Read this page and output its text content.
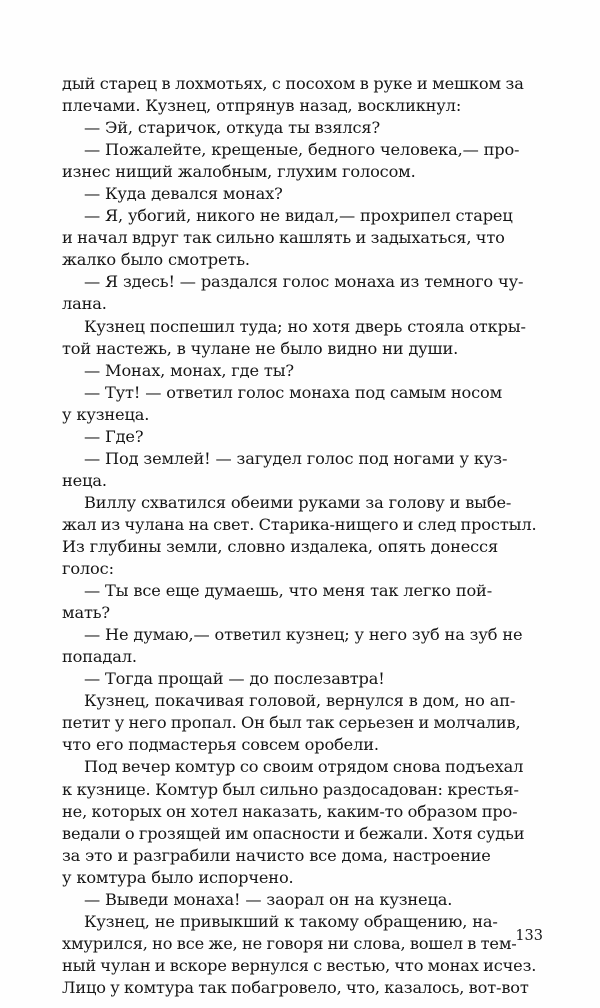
дый старец в лохмотьях, с посохом в руке и мешком за
плечами. Кузнец, отпрянув назад, воскликнул:
— Эй, старичок, откуда ты взялся?
— Пожалейте, крещеные, бедного человека,— про-
изнес нищий жалобным, глухим голосом.
— Куда девался монах?
— Я, убогий, никого не видал,— прохрипел старец
и начал вдруг так сильно кашлять и задыхаться, что
жалко было смотреть.
— Я здесь! — раздался голос монаха из темного чу-
лана.
Кузнец поспешил туда; но хотя дверь стояла откры-
той настежь, в чулане не было видно ни души.
— Монах, монах, где ты?
— Тут! — ответил голос монаха под самым носом
у кузнеца.
— Где?
— Под землей! — загудел голос под ногами у куз-
неца.
Виллу схватился обеими руками за голову и выбе-
жал из чулана на свет. Старика-нищего и след простыл.
Из глубины земли, словно издалека, опять донесся
голос:
— Ты все еще думаешь, что меня так легко пой-
мать?
— Не думаю,— ответил кузнец; у него зуб на зуб не
попадал.
— Тогда прощай — до послезавтра!
Кузнец, покачивая головой, вернулся в дом, но ап-
петит у него пропал. Он был так серьезен и молчалив,
что его подмастерья совсем оробели.
Под вечер комтур со своим отрядом снова подъехал
к кузнице. Комтур был сильно раздосадован: крестья-
не, которых он хотел наказать, каким-то образом про-
ведали о грозящей им опасности и бежали. Хотя судьи
за это и разграбили начисто все дома, настроение
у комтура было испорчено.
— Выведи монаха! — заорал он на кузнеца.
Кузнец, не привыкший к такому обращению, на-
хмурился, но все же, не говоря ни слова, вошел в тем-
ный чулан и вскоре вернулся с вестью, что монах исчез.
Лицо у комтура так побагровело, что, казалось, вот-вот
133
